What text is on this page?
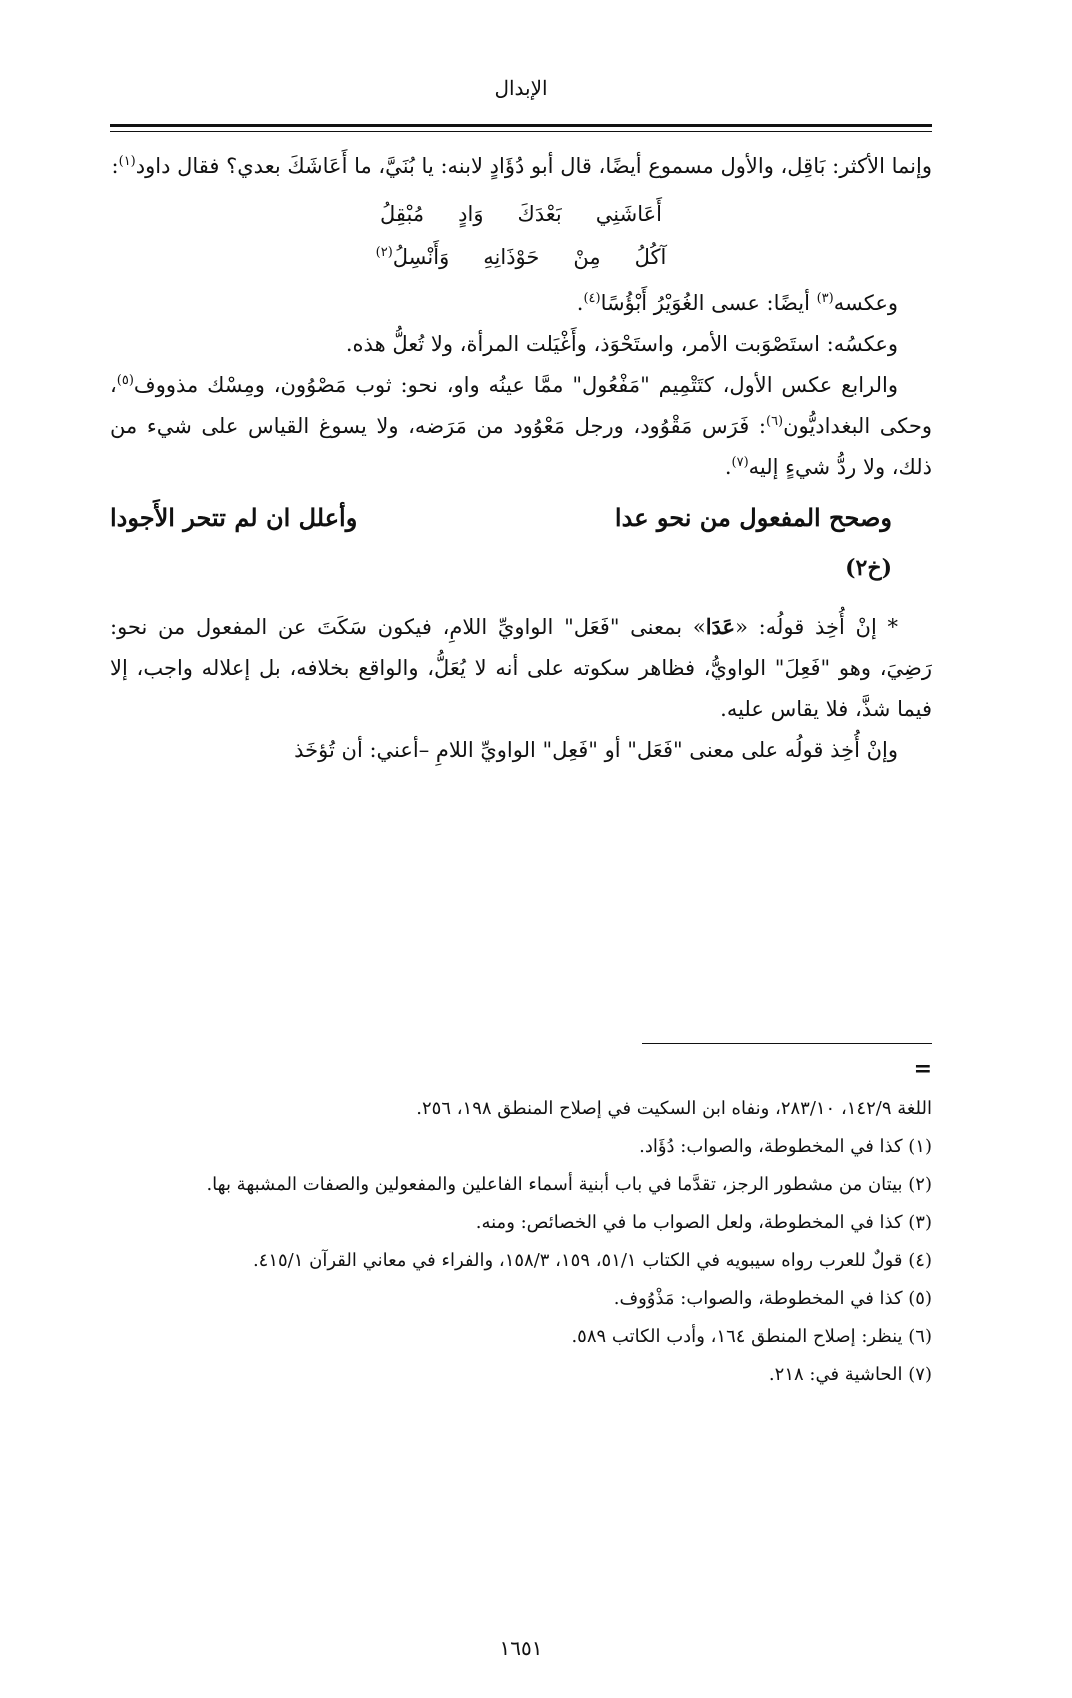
الإبدال

وإنما الأكثر: بَاقِل، والأول مسموع أيضًا، قال أبو دُؤَادٍ لابنه: يا بُنَيَّ، ما أَعَاشَكَ بعدي؟ فقال داود$^{(١)}$:

أَعَاشَنِي
بَعْدَكَ
وَادٍ
مُبْقِلُ
آكُلُ
مِنْ
حَوْذَانِهِ
وَأَنْسِلُ$^{(٢)}$

وعكسه$^{(٣)}$ أيضًا: عسى الغُوَيْرُ أَبْؤُسًا$^{(٤)}$.

وعكسُه: استَصْوَبت الأمر، واستَحْوَذ، وأَغْيَلت المرأة، ولا تُعلُّ هذه.

والرابع عكس الأول، كتَتْمِيم "مَفْعُول" ممَّا عينُه واو، نحو: ثوب مَصْوُون، ومِسْك مذووف$^{(٥)}$، وحكى البغداديُّون$^{(٦)}$: فَرَس مَقْوُود، ورجل مَعْوُود من مَرَضه، ولا يسوغ القياس على شيء من ذلك، ولا ردُّ شيءٍ إليه$^{(٧)}$.

وصحح المفعول من نحو عدا
وأعلل ان لم تتحر الأَجودا
(خ٢)

* إنْ أُخِذ قولُه: «عَدَا» بمعنى "فَعَل" الواويِّ اللامِ، فيكون سَكَتَ عن المفعول من نحو: رَضِيَ، وهو "فَعِلَ" الواويُّ، فظاهر سكوته على أنه لا يُعَلُّ، والواقع بخلافه، بل إعلاله واجب، إلا فيما شذَّ، فلا يقاس عليه.

وإنْ أُخِذ قولُه على معنى "فَعَل" أو "فَعِل" الواويِّ اللامِ –أعني: أن تُؤخَذ

=

اللغة ١٤٢/٩، ٢٨٣/١٠، ونفاه ابن السكيت في إصلاح المنطق ١٩٨، ٢٥٦.

(١) كذا في المخطوطة، والصواب: دُؤَاد.

(٢) بيتان من مشطور الرجز، تقدَّما في باب أبنية أسماء الفاعلين والمفعولين والصفات المشبهة بها.

(٣) كذا في المخطوطة، ولعل الصواب ما في الخصائص: ومنه.

(٤) قولٌ للعرب رواه سيبويه في الكتاب ٥١/١، ١٥٩، ١٥٨/٣، والفراء في معاني القرآن ٤١٥/١.

(٥) كذا في المخطوطة، والصواب: مَذْوُوف.

(٦) ينظر: إصلاح المنطق ١٦٤، وأدب الكاتب ٥٨٩.

(٧) الحاشية في: ٢١٨.

١٦٥١
